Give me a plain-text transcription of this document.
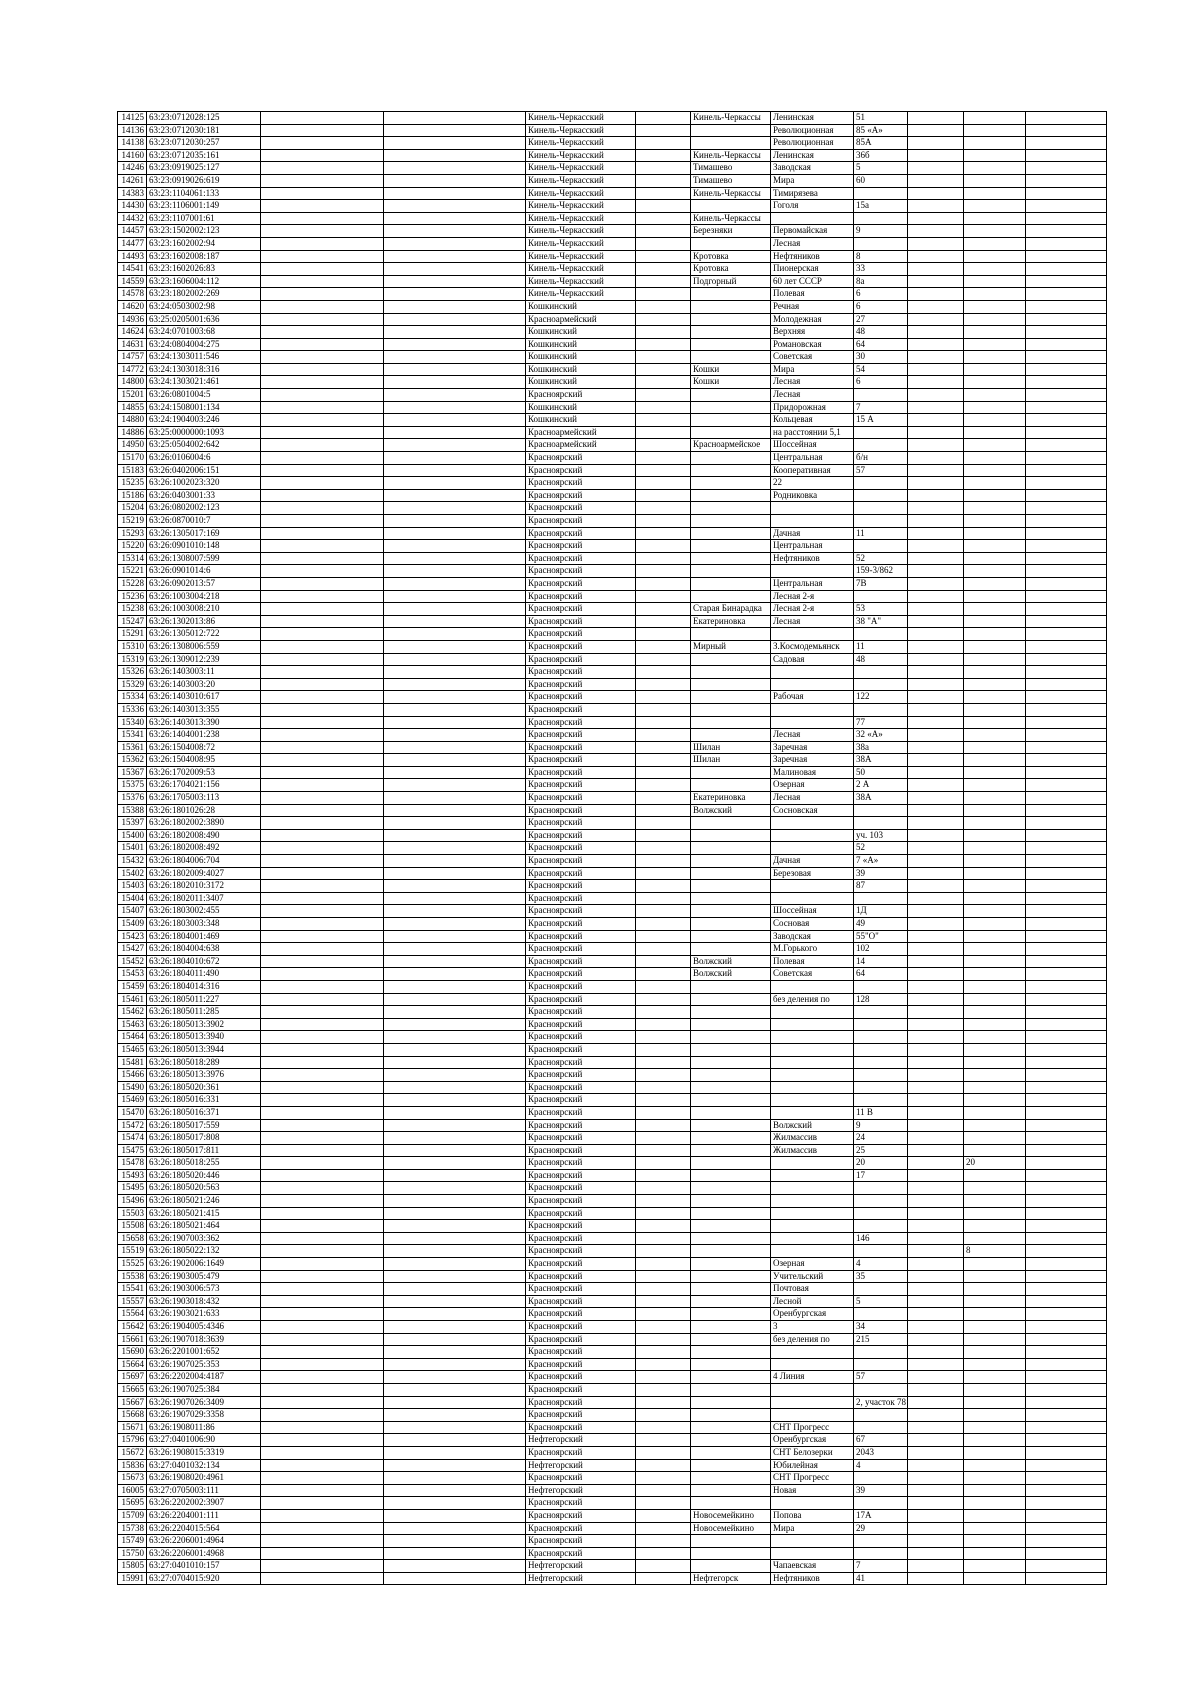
14125	63:23:0712028:125			Кинель-Черкасский		Кинель-Черкассы	Ленинская	51			
14136	63:23:0712030:181			Кинель-Черкасский			Революционная	85 «А»			
14138	63:23:0712030:257			Кинель-Черкасский			Революционная	85А			
14160	63:23:0712035:161			Кинель-Черкасский		Кинель-Черкассы	Ленинская	36б			
14246	63:23:0919025:127			Кинель-Черкасский		Тимашево	Заводская	5			
14261	63:23:0919026:619			Кинель-Черкасский		Тимашево	Мира	60			
14383	63:23:1104061:133			Кинель-Черкасский		Кинель-Черкассы	Тимирязева				
14430	63:23:1106001:149			Кинель-Черкасский			Гоголя	15а			
14432	63:23:1107001:61			Кинель-Черкасский		Кинель-Черкассы					
14457	63:23:1502002:123			Кинель-Черкасский		Березняки	Первомайская	9			
14477	63:23:1602002:94			Кинель-Черкасский			Лесная				
14493	63:23:1602008:187			Кинель-Черкасский		Кротовка	Нефтяников	8			
14541	63:23:1602026:83			Кинель-Черкасский		Кротовка	Пионерская	33			
14559	63:23:1606004:112			Кинель-Черкасский		Подгорный	60 лет СССР	8а			
14578	63:23:1802002:269			Кинель-Черкасский			Полевая	6			
14620	63:24:0503002:98			Кошкинский			Речная	6			
14936	63:25:0205001:636			Красноармейский			Молодежная	27			
14624	63:24:0701003:68			Кошкинский			Верхняя	48			
14631	63:24:0804004:275			Кошкинский			Романовская	64			
14757	63:24:1303011:546			Кошкинский			Советская	30			
14772	63:24:1303018:316			Кошкинский		Кошки	Мира	54			
14800	63:24:1303021:461			Кошкинский		Кошки	Лесная	6			
15201	63:26:0801004:5			Красноярский			Лесная				
14855	63:24:1508001:134			Кошкинский			Придорожная	7			
14880	63:24:1904003:246			Кошкинский			Кольцевая	15 А			
14886	63:25:0000000:1093			Красноармейский			на расстоянии 5,1				
14950	63:25:0504002:642			Красноармейский		Красноармейское	Шоссейная				
15170	63:26:0106004:6			Красноярский			Центральная	б/н			
15183	63:26:0402006:151			Красноярский			Кооперативная	57			
15235	63:26:1002023:320			Красноярский			22				
15186	63:26:0403001:33			Красноярский			Родниковка				
15204	63:26:0802002:123			Красноярский							
15219	63:26:0870010:7			Красноярский							
15293	63:26:1305017:169			Красноярский			Дачная	11			
15220	63:26:0901010:148			Красноярский			Центральная				
15314	63:26:1308007:599			Красноярский			Нефтяников	52			
15221	63:26:0901014:6			Красноярский				159-3/862			
15228	63:26:0902013:57			Красноярский			Центральная	7В			
15236	63:26:1003004:218			Красноярский			Лесная 2-я				
15238	63:26:1003008:210			Красноярский		Старая Бинарадка	Лесная 2-я	53			
15247	63:26:1302013:86			Красноярский		Екатериновка	Лесная	38 "А"			
15291	63:26:1305012:722			Красноярский							
15310	63:26:1308006:559			Красноярский		Мирный	З.Космодемьянск	11			
15319	63:26:1309012:239			Красноярский			Садовая	48			
15326	63:26:1403003:11			Красноярский							
15329	63:26:1403003:20			Красноярский							
15334	63:26:1403010:617			Красноярский			Рабочая	122			
15336	63:26:1403013:355			Красноярский							
15340	63:26:1403013:390			Красноярский				77			
15341	63:26:1404001:238			Красноярский			Лесная	32 «А»			
15361	63:26:1504008:72			Красноярский		Шилан	Заречная	38а			
15362	63:26:1504008:95			Красноярский		Шилан	Заречная	38А			
15367	63:26:1702009:53			Красноярский			Малиновая	50			
15375	63:26:1704021:156			Красноярский			Озерная	2 А			
15376	63:26:1705003:113			Красноярский		Екатериновка	Лесная	38А			
15388	63:26:1801026:28			Красноярский		Волжский	Сосновская				
15397	63:26:1802002:3890			Красноярский							
15400	63:26:1802008:490			Красноярский				уч. 103			
15401	63:26:1802008:492			Красноярский				52			
15432	63:26:1804006:704			Красноярский			Дачная	7 «А»			
15402	63:26:1802009:4027			Красноярский			Березовая	39			
15403	63:26:1802010:3172			Красноярский				87			
15404	63:26:1802011:3407			Красноярский							
15407	63:26:1803002:455			Красноярский			Шоссейная	1Д			
15409	63:26:1803003:348			Красноярский			Сосновая	49			
15423	63:26:1804001:469			Красноярский			Заводская	55"О"			
15427	63:26:1804004:638			Красноярский			М.Горького	102			
15452	63:26:1804010:672			Красноярский		Волжский	Полевая	14			
15453	63:26:1804011:490			Красноярский		Волжский	Советская	64			
15459	63:26:1804014:316			Красноярский							
15461	63:26:1805011:227			Красноярский			без деления по	128			
15462	63:26:1805011:285			Красноярский							
15463	63:26:1805013:3902			Красноярский							
15464	63:26:1805013:3940			Красноярский							
15465	63:26:1805013:3944			Красноярский							
15481	63:26:1805018:289			Красноярский							
15466	63:26:1805013:3976			Красноярский							
15490	63:26:1805020:361			Красноярский							
15469	63:26:1805016:331			Красноярский							
15470	63:26:1805016:371			Красноярский				11 В			
15472	63:26:1805017:559			Красноярский			Волжский	9			
15474	63:26:1805017:808			Красноярский			Жилмассив	24			
15475	63:26:1805017:811			Красноярский			Жилмассив	25			
15478	63:26:1805018:255			Красноярский				20		20	
15493	63:26:1805020:446			Красноярский				17			
15495	63:26:1805020:563			Красноярский							
15496	63:26:1805021:246			Красноярский							
15503	63:26:1805021:415			Красноярский							
15508	63:26:1805021:464			Красноярский							
15658	63:26:1907003:362			Красноярский				146			
15519	63:26:1805022:132			Красноярский						8	
15525	63:26:1902006:1649			Красноярский			Озерная	4			
15538	63:26:1903005:479			Красноярский			Учительский	35			
15541	63:26:1903006:573			Красноярский			Почтовая				
15557	63:26:1903018:432			Красноярский			Лесной	5			
15564	63:26:1903021:633			Красноярский			Оренбургская				
15642	63:26:1904005:4346			Красноярский			3	34			
15661	63:26:1907018:3639			Красноярский			без деления по	215			
15690	63:26:2201001:652			Красноярский							
15664	63:26:1907025:353			Красноярский							
15697	63:26:2202004:4187			Красноярский			4 Линия	57			
15665	63:26:1907025:384			Красноярский							
15667	63:26:1907026:3409			Красноярский				2, участок 78			
15668	63:26:1907029:3358			Красноярский							
15671	63:26:1908011:86			Красноярский			СНТ Прогресс				
15796	63:27:0401006:90			Нефтегорский			Оренбургская	67			
15672	63:26:1908015:3319			Красноярский			СНТ Белозерки	2043			
15836	63:27:0401032:134			Нефтегорский			Юбилейная	4			
15673	63:26:1908020:4961			Красноярский			СНТ Прогресс				
16005	63:27:0705003:111			Нефтегорский			Новая	39			
15695	63:26:2202002:3907			Красноярский							
15709	63:26:2204001:111			Красноярский		Новосемейкино	Попова	17А			
15738	63:26:2204015:564			Красноярский		Новосемейкино	Мира	29			
15749	63:26:2206001:4964			Красноярский							
15750	63:26:2206001:4968			Красноярский							
15805	63:27:0401010:157			Нефтегорский			Чапаевская	7			
15991	63:27:0704015:920			Нефтегорский		Нефтегорск	Нефтяников	41			
